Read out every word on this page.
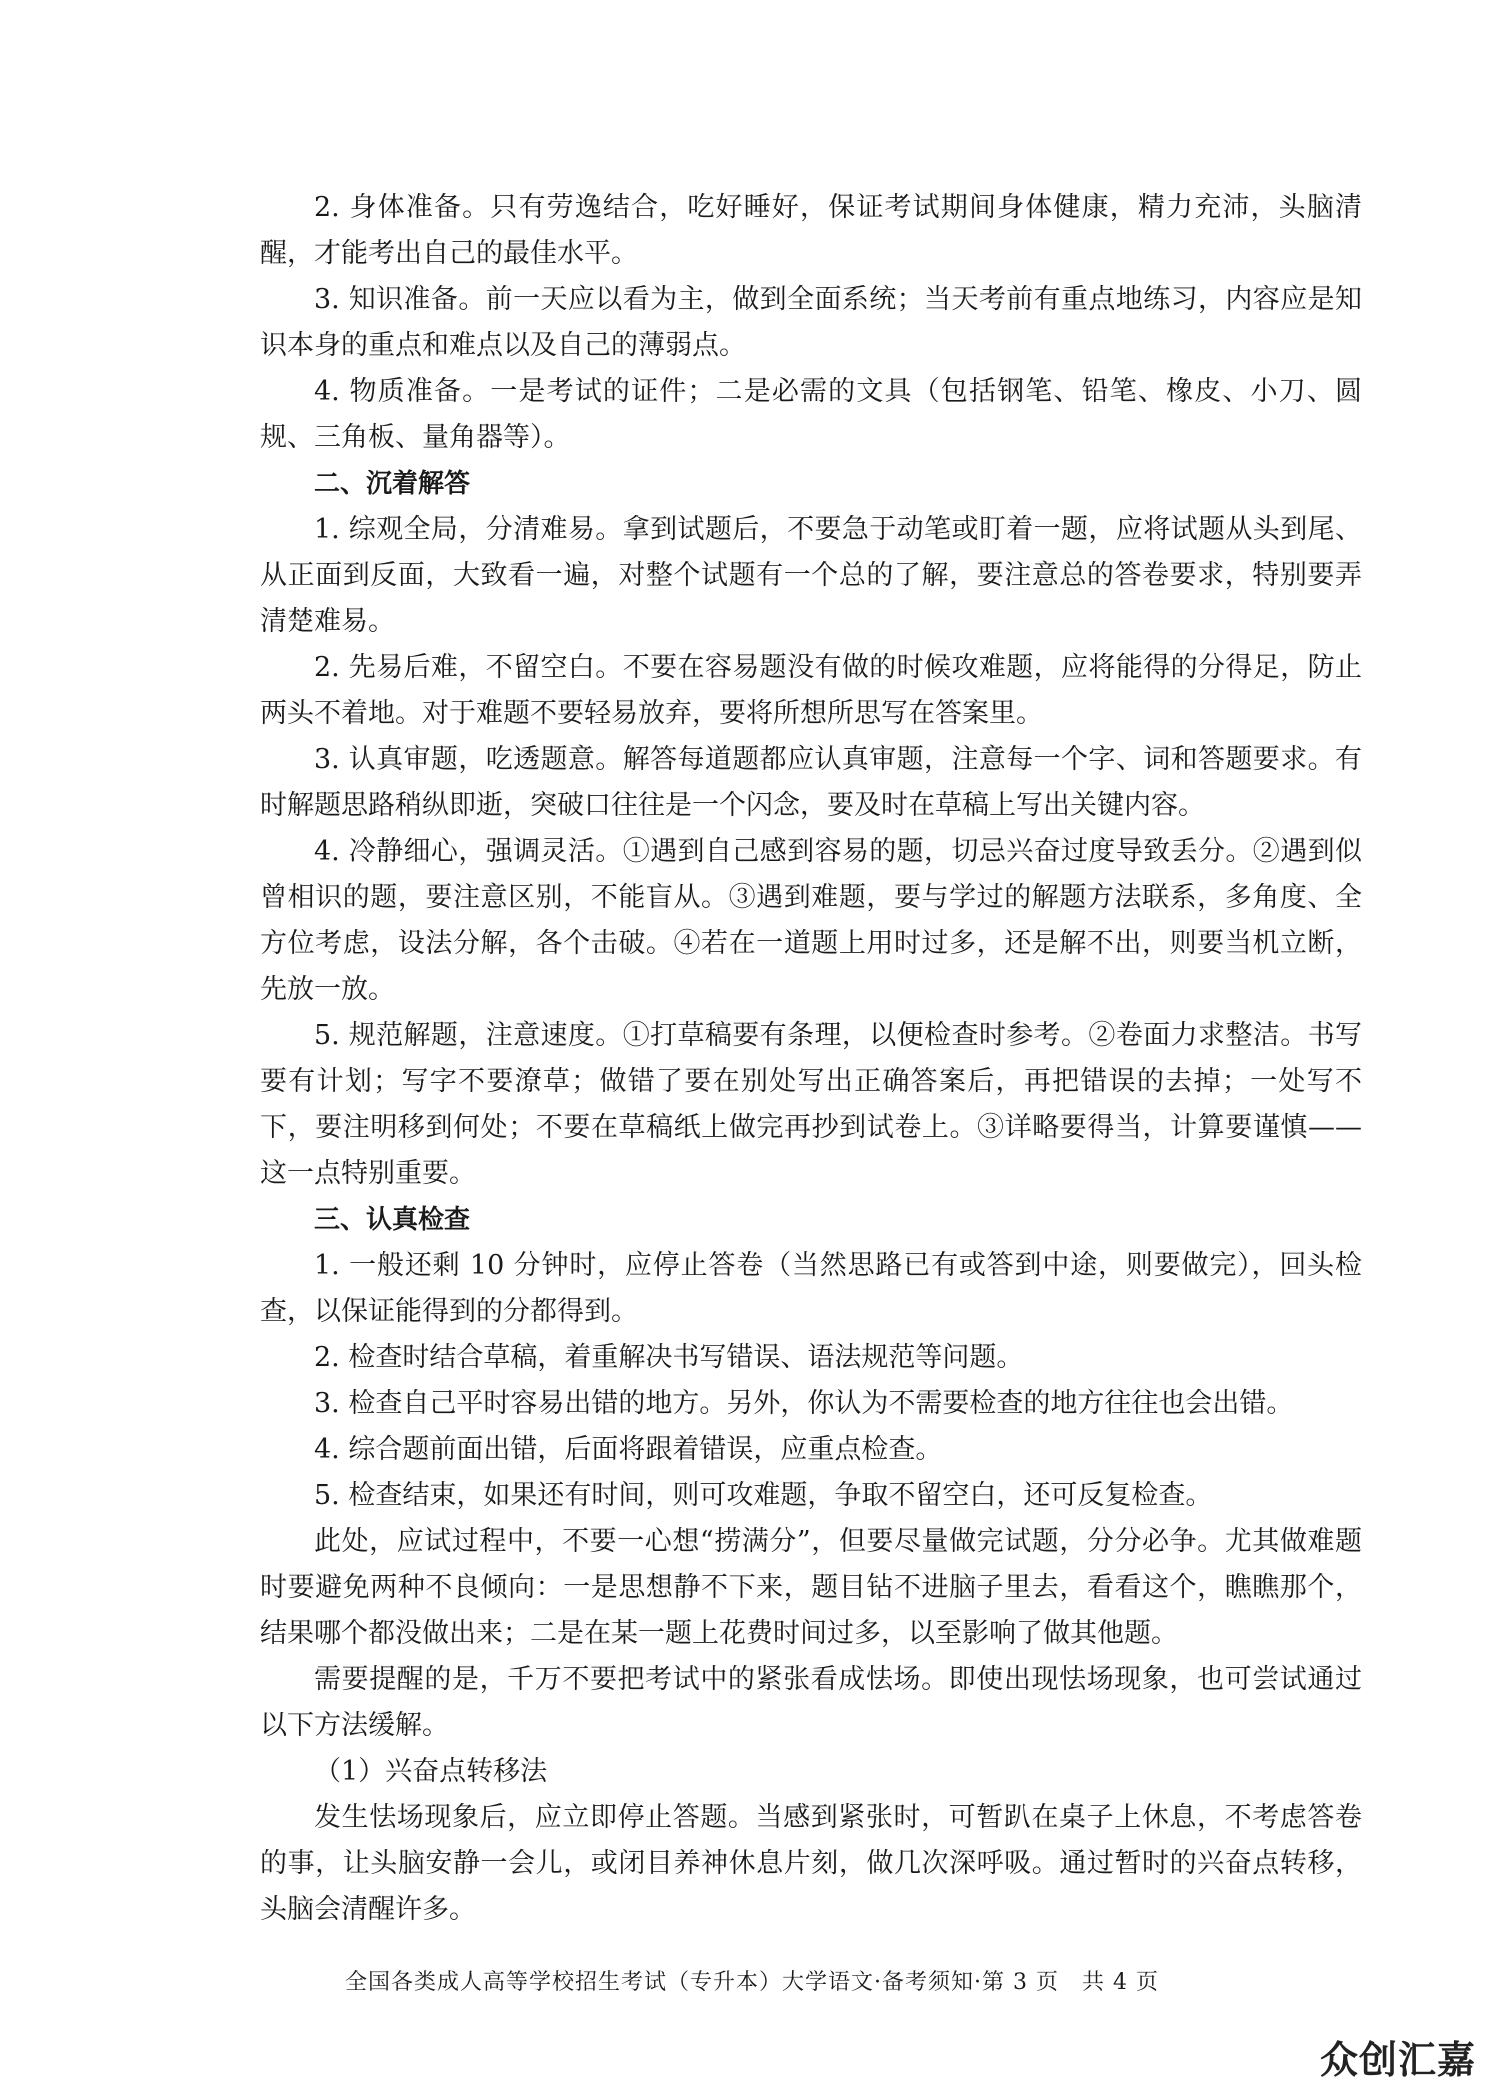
2. 身体准备。只有劳逸结合，吃好睡好，保证考试期间身体健康，精力充沛，头脑清醒，才能考出自己的最佳水平。

3. 知识准备。前一天应以看为主，做到全面系统；当天考前有重点地练习，内容应是知识本身的重点和难点以及自己的薄弱点。

4. 物质准备。一是考试的证件；二是必需的文具（包括钢笔、铅笔、橡皮、小刀、圆规、三角板、量角器等）。

二、沉着解答

1. 综观全局，分清难易。拿到试题后，不要急于动笔或盯着一题，应将试题从头到尾、从正面到反面，大致看一遍，对整个试题有一个总的了解，要注意总的答卷要求，特别要弄清楚难易。

2. 先易后难，不留空白。不要在容易题没有做的时候攻难题，应将能得的分得足，防止两头不着地。对于难题不要轻易放弃，要将所想所思写在答案里。

3. 认真审题，吃透题意。解答每道题都应认真审题，注意每一个字、词和答题要求。有时解题思路稍纵即逝，突破口往往是一个闪念，要及时在草稿上写出关键内容。

4. 冷静细心，强调灵活。①遇到自己感到容易的题，切忌兴奋过度导致丢分。②遇到似曾相识的题，要注意区别，不能盲从。③遇到难题，要与学过的解题方法联系，多角度、全方位考虑，设法分解，各个击破。④若在一道题上用时过多，还是解不出，则要当机立断，先放一放。

5. 规范解题，注意速度。①打草稿要有条理，以便检查时参考。②卷面力求整洁。书写要有计划；写字不要潦草；做错了要在别处写出正确答案后，再把错误的去掉；一处写不下，要注明移到何处；不要在草稿纸上做完再抄到试卷上。③详略要得当，计算要谨慎——这一点特别重要。

三、认真检查

1. 一般还剩 10 分钟时，应停止答卷（当然思路已有或答到中途，则要做完），回头检查，以保证能得到的分都得到。

2. 检查时结合草稿，着重解决书写错误、语法规范等问题。

3. 检查自己平时容易出错的地方。另外，你认为不需要检查的地方往往也会出错。

4. 综合题前面出错，后面将跟着错误，应重点检查。

5. 检查结束，如果还有时间，则可攻难题，争取不留空白，还可反复检查。

此处，应试过程中，不要一心想“捞满分”，但要尽量做完试题，分分必争。尤其做难题时要避免两种不良倾向：一是思想静不下来，题目钻不进脑子里去，看看这个，瞧瞧那个，结果哪个都没做出来；二是在某一题上花费时间过多，以至影响了做其他题。

需要提醒的是，千万不要把考试中的紧张看成怯场。即使出现怯场现象，也可尝试通过以下方法缓解。

（1）兴奋点转移法

发生怯场现象后，应立即停止答题。当感到紧张时，可暂趴在桌子上休息，不考虑答卷的事，让头脑安静一会儿，或闭目养神休息片刻，做几次深呼吸。通过暂时的兴奋点转移，头脑会清醒许多。

全国各类成人高等学校招生考试（专升本）大学语文·备考须知·第 3 页　共 4 页
众创汇嘉
